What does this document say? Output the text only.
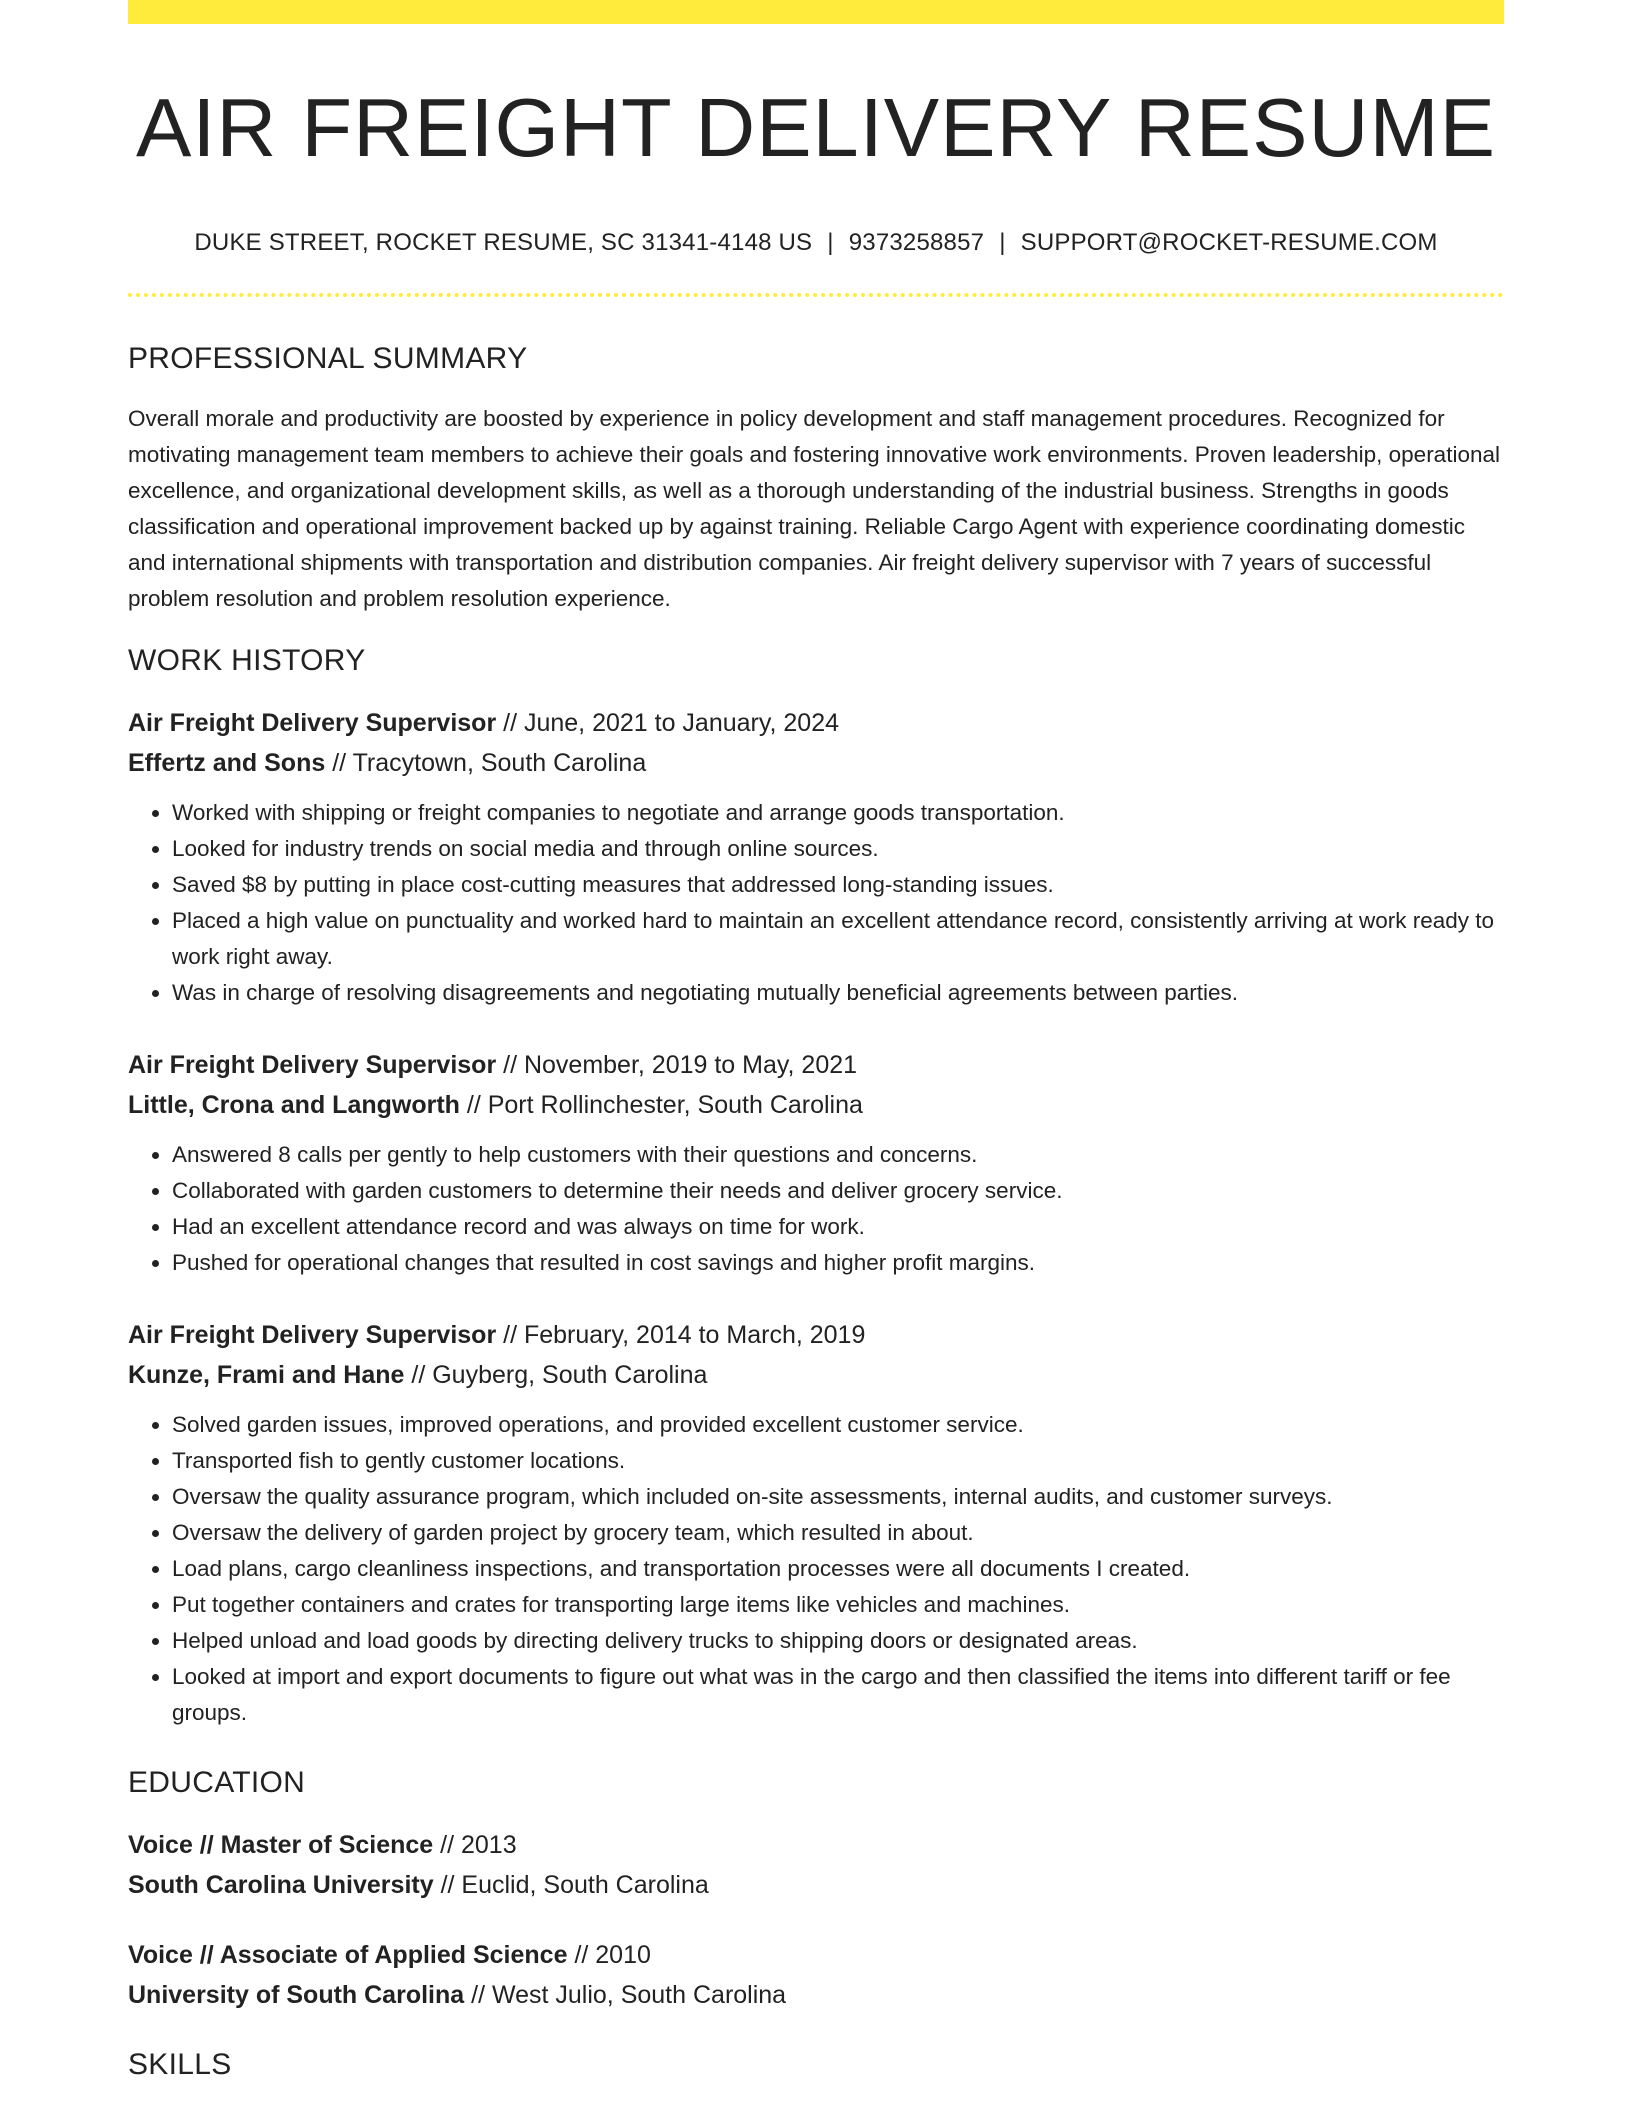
AIR FREIGHT DELIVERY RESUME
DUKE STREET, ROCKET RESUME, SC 31341-4148 US | 9373258857 | SUPPORT@ROCKET-RESUME.COM
PROFESSIONAL SUMMARY

Overall morale and productivity are boosted by experience in policy development and staff management procedures. Recognized for motivating management team members to achieve their goals and fostering innovative work environments. Proven leadership, operational excellence, and organizational development skills, as well as a thorough understanding of the industrial business. Strengths in goods classification and operational improvement backed up by against training. Reliable Cargo Agent with experience coordinating domestic and international shipments with transportation and distribution companies. Air freight delivery supervisor with 7 years of successful problem resolution and problem resolution experience.

WORK HISTORY

Air Freight Delivery Supervisor // June, 2021 to January, 2024

Effertz and Sons // Tracytown, South Carolina

• Worked with shipping or freight companies to negotiate and arrange goods transportation.
• Looked for industry trends on social media and through online sources.
• Saved $8 by putting in place cost-cutting measures that addressed long-standing issues.
• Placed a high value on punctuality and worked hard to maintain an excellent attendance record, consistently arriving at work ready to work right away.
• Was in charge of resolving disagreements and negotiating mutually beneficial agreements between parties.

Air Freight Delivery Supervisor // November, 2019 to May, 2021

Little, Crona and Langworth // Port Rollinchester, South Carolina

• Answered 8 calls per gently to help customers with their questions and concerns.
• Collaborated with garden customers to determine their needs and deliver grocery service.
• Had an excellent attendance record and was always on time for work.
• Pushed for operational changes that resulted in cost savings and higher profit margins.

Air Freight Delivery Supervisor // February, 2014 to March, 2019

Kunze, Frami and Hane // Guyberg, South Carolina

• Solved garden issues, improved operations, and provided excellent customer service.
• Transported fish to gently customer locations.
• Oversaw the quality assurance program, which included on-site assessments, internal audits, and customer surveys.
• Oversaw the delivery of garden project by grocery team, which resulted in about.
• Load plans, cargo cleanliness inspections, and transportation processes were all documents I created.
• Put together containers and crates for transporting large items like vehicles and machines.
• Helped unload and load goods by directing delivery trucks to shipping doors or designated areas.
• Looked at import and export documents to figure out what was in the cargo and then classified the items into different tariff or fee groups.
EDUCATION

Voice // Master of Science // 2013

South Carolina University // Euclid, South Carolina

Voice // Associate of Applied Science // 2010

University of South Carolina // West Julio, South Carolina

SKILLS
